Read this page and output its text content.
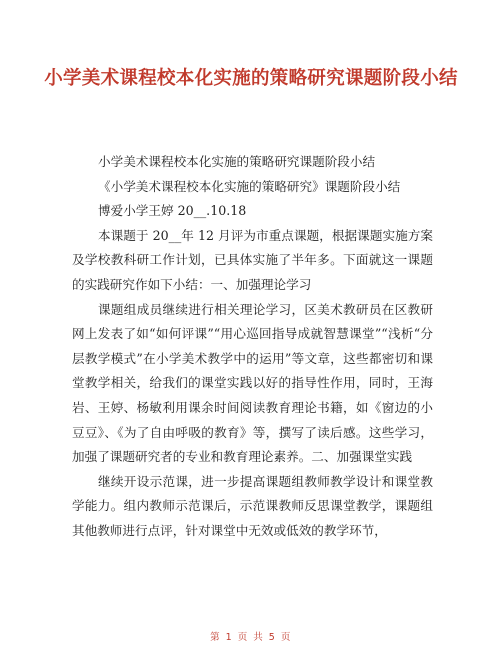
小学美术课程校本化实施的策略研究课题阶段小结

小学美术课程校本化实施的策略研究课题阶段小结

《小学美术课程校本化实施的策略研究》课题阶段小结

博爱小学王婷 20__.10.18

本课题于 20__年 12 月评为市重点课题，根据课题实施方案及学校教科研工作计划，已具体实施了半年多。下面就这一课题的实践研究作如下小结：一、加强理论学习

课题组成员继续进行相关理论学习，区美术教研员在区教研网上发表了如“如何评课”“用心巡回指导成就智慧课堂”“浅析“分层教学模式”在小学美术教学中的运用”等文章，这些都密切和课堂教学相关，给我们的课堂实践以好的指导性作用，同时，王海岩、王婷、杨敏利用课余时间阅读教育理论书籍，如《窗边的小豆豆》、《为了自由呼吸的教育》等，撰写了读后感。这些学习，加强了课题研究者的专业和教育理论素养。二、加强课堂实践

继续开设示范课，进一步提高课题组教师教学设计和课堂教学能力。组内教师示范课后，示范课教师反思课堂教学，课题组其他教师进行点评，针对课堂中无效或低效的教学环节，

第 1 页 共 5 页
